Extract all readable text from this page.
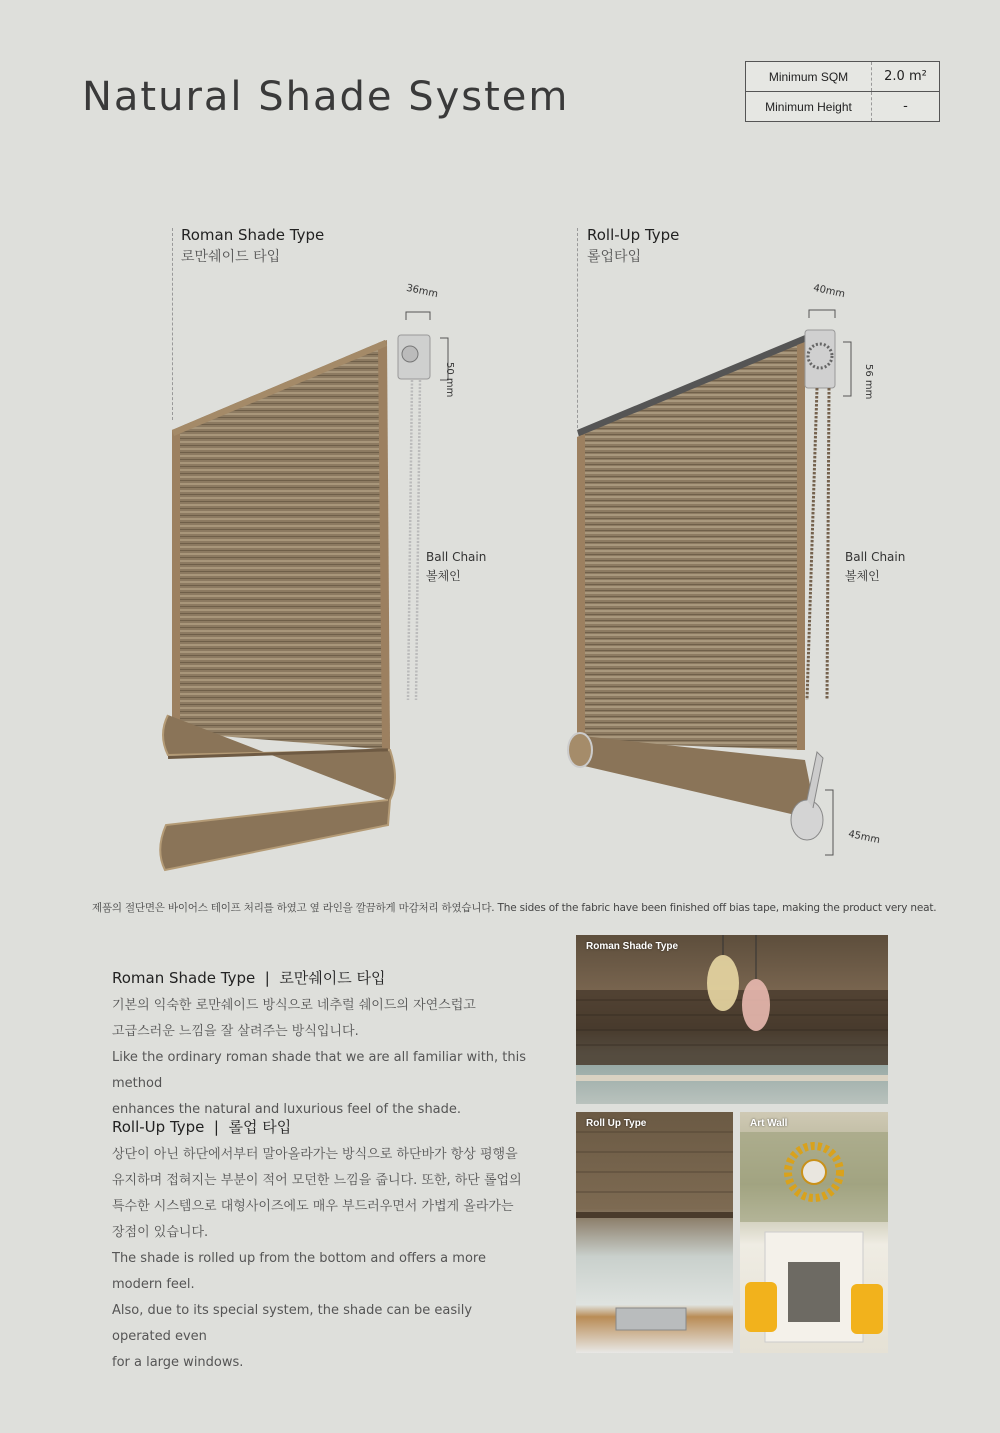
Natural Shade System	Minimum SQM	2.0 m²
Minimum Height	-
Roman Shade Type
로만쉐이드 타입
Roll-Up Type
롤업타입
36mm
50 mm
Ball Chain
볼체인
40mm
56 mm
45mm
Ball Chain
볼체인
제품의 절단면은 바이어스 테이프 처리를 하였고 옆 라인을 깔끔하게 마감처리 하였습니다. The sides of the fabric have been finished off bias tape, making the product very neat.
Roman Shade Type  |  로만쉐이드 타입
기본의 익숙한 로만쉐이드 방식으로 네추럴 쉐이드의 자연스럽고
고급스러운 느낌을 잘 살려주는 방식입니다.
Like the ordinary roman shade that we are all familiar with, this method
enhances the natural and luxurious feel of the shade.
Roll-Up Type  |  롤업 타입
상단이 아닌 하단에서부터 말아올라가는 방식으로 하단바가 항상 평행을
유지하며 접혀지는 부분이 적어 모던한 느낌을 줍니다. 또한, 하단 롤업의
특수한 시스템으로 대형사이즈에도 매우 부드러우면서 가볍게 올라가는
장점이 있습니다.
The shade is rolled up from the bottom and offers a more modern feel.
Also, due to its special system, the shade can be easily operated even
for a large windows.
Roman Shade Type
Roll Up Type	Art Wall
